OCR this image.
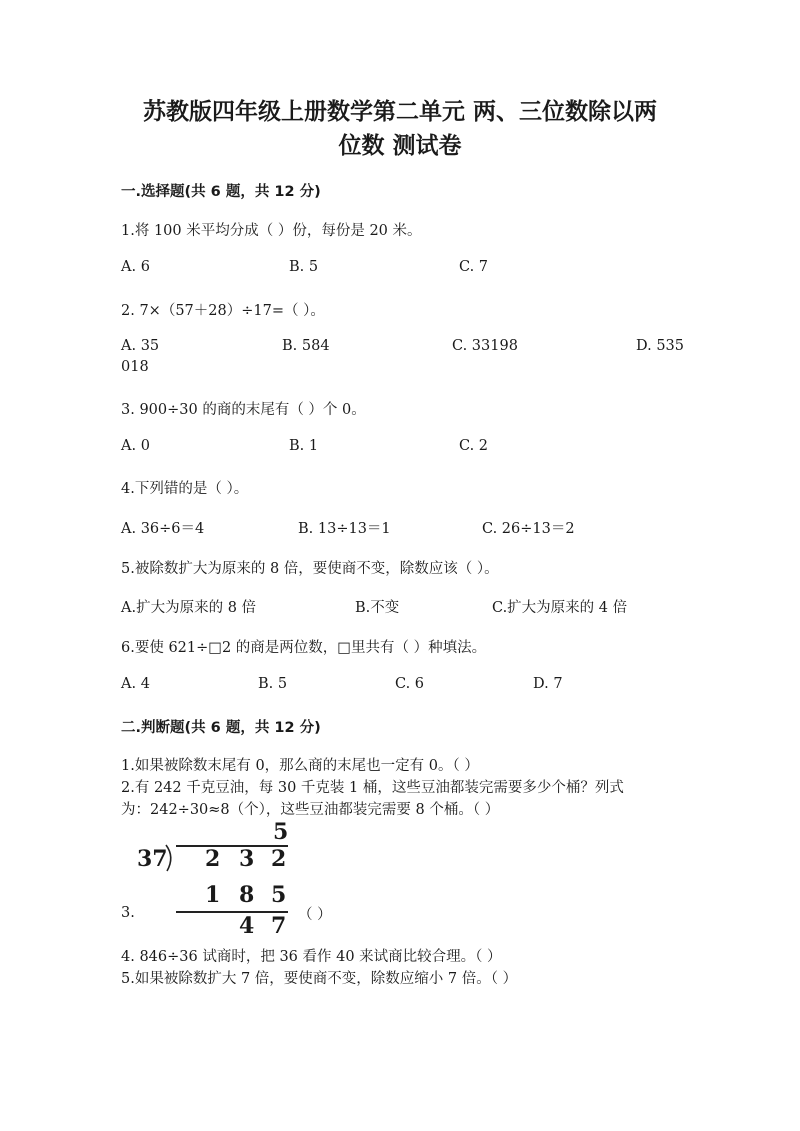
苏教版四年级上册数学第二单元 两、三位数除以两
位数 测试卷
一.选择题(共 6 题，共 12 分)
1.将 100 米平均分成（ ）份，每份是 20 米。
A. 6	B. 5	C. 7
2. 7×（57＋28）÷17=（ ）。
A. 35	B. 584	C. 33198	D. 535
018
3. 900÷30 的商的末尾有（ ）个 0。
A. 0	B. 1	C. 2
4.下列错的是（ ）。
A. 36÷6＝4	B. 13÷13＝1	C. 26÷13＝2
5.被除数扩大为原来的 8 倍，要使商不变，除数应该（ ）。
A.扩大为原来的 8 倍	B.不变	C.扩大为原来的 4 倍
6.要使 621÷□2 的商是两位数，□里共有（ ）种填法。
A. 4	B. 5	C. 6	D. 7
二.判断题(共 6 题，共 12 分)
1.如果被除数末尾有 0，那么商的末尾也一定有 0。（ ）
2.有 242 千克豆油，每 30 千克装 1 桶，这些豆油都装完需要多少个桶？列式
为：242÷30≈8（个），这些豆油都装完需要 8 个桶。（ ）
3.
5
37 2 3 2
1 8 5
4 7 （ ）
4. 846÷36 试商时，把 36 看作 40 来试商比较合理。（ ）
5.如果被除数扩大 7 倍，要使商不变，除数应缩小 7 倍。（ ）
